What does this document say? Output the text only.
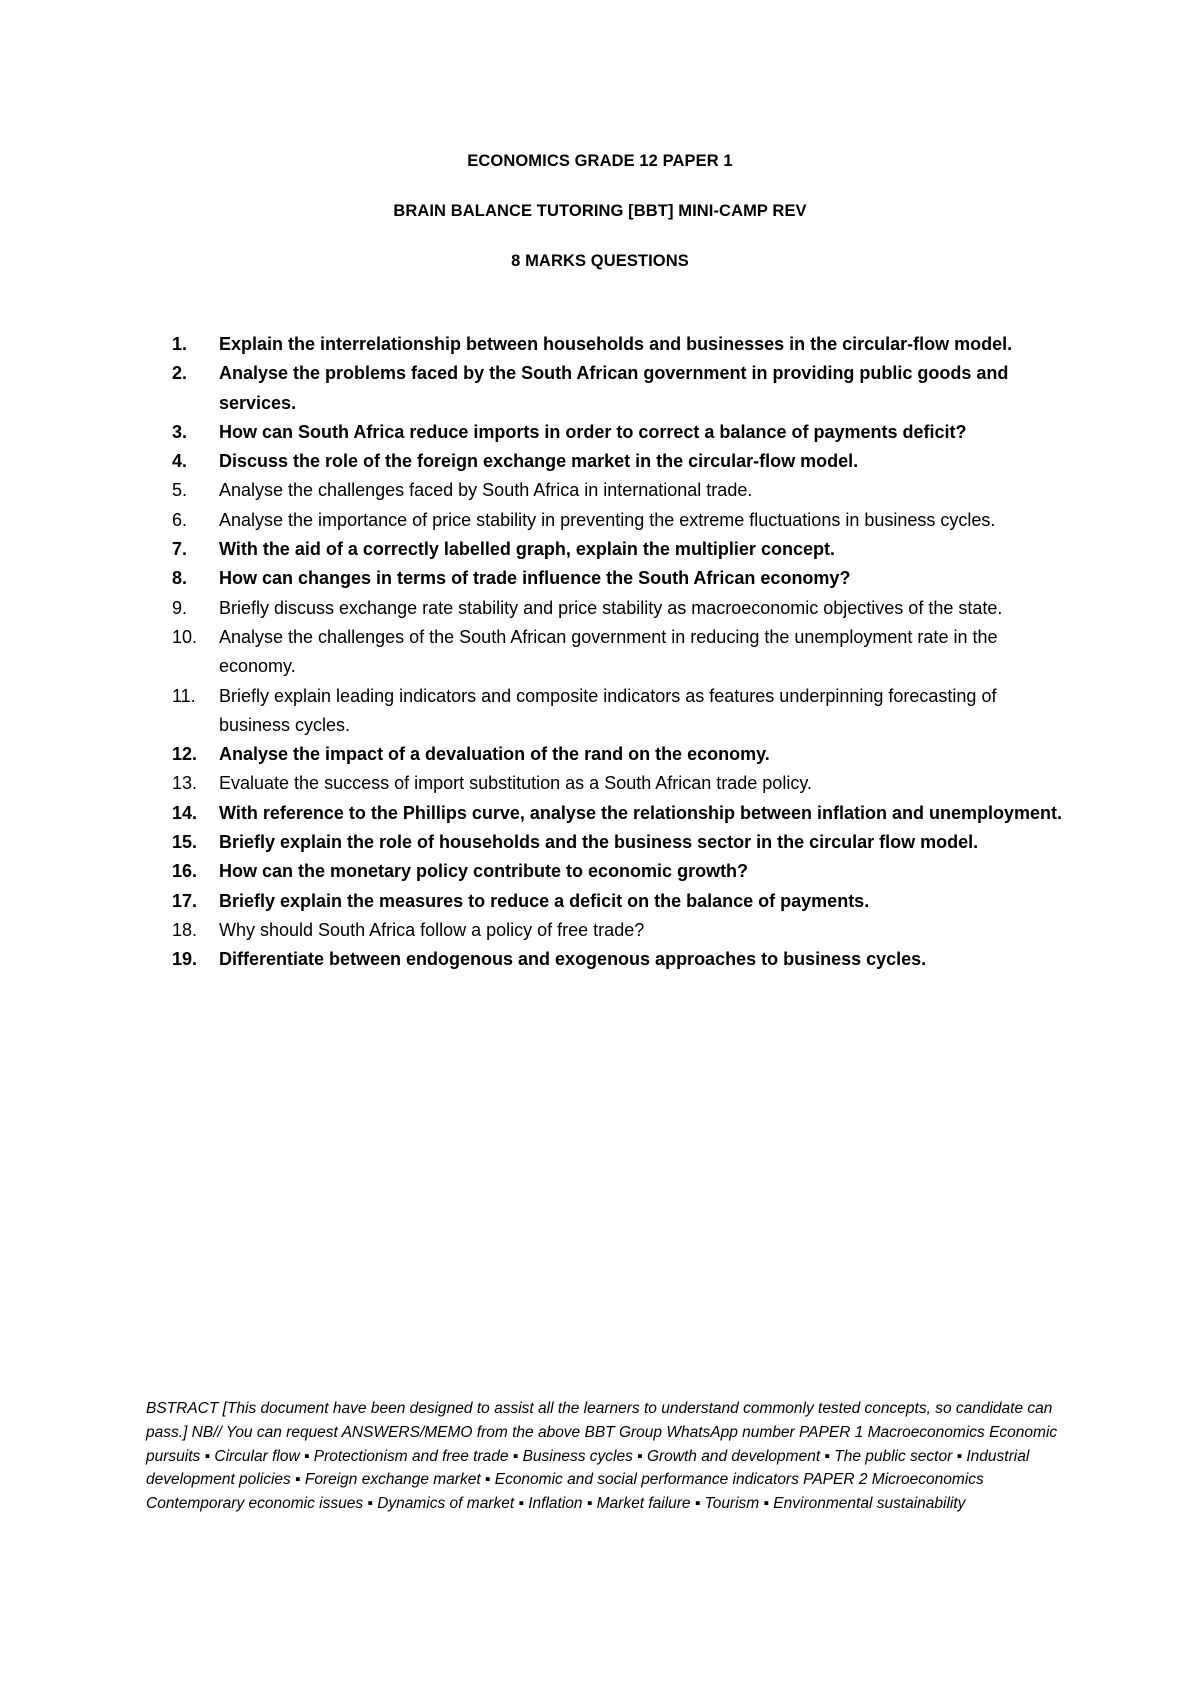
ECONOMICS GRADE 12 PAPER 1
BRAIN BALANCE TUTORING [BBT] MINI-CAMP REV
8 MARKS QUESTIONS
1. Explain the interrelationship between households and businesses in the circular-flow model.
2. Analyse the problems faced by the South African government in providing public goods and services.
3. How can South Africa reduce imports in order to correct a balance of payments deficit?
4. Discuss the role of the foreign exchange market in the circular-flow model.
5. Analyse the challenges faced by South Africa in international trade.
6. Analyse the importance of price stability in preventing the extreme fluctuations in business cycles.
7. With the aid of a correctly labelled graph, explain the multiplier concept.
8. How can changes in terms of trade influence the South African economy?
9. Briefly discuss exchange rate stability and price stability as macroeconomic objectives of the state.
10. Analyse the challenges of the South African government in reducing the unemployment rate in the economy.
11. Briefly explain leading indicators and composite indicators as features underpinning forecasting of business cycles.
12. Analyse the impact of a devaluation of the rand on the economy.
13. Evaluate the success of import substitution as a South African trade policy.
14. With reference to the Phillips curve, analyse the relationship between inflation and unemployment.
15. Briefly explain the role of households and the business sector in the circular flow model.
16. How can the monetary policy contribute to economic growth?
17. Briefly explain the measures to reduce a deficit on the balance of payments.
18. Why should South Africa follow a policy of free trade?
19. Differentiate between endogenous and exogenous approaches to business cycles.
BSTRACT [This document have been designed to assist all the learners to understand commonly tested concepts, so candidate can pass.] NB// You can request ANSWERS/MEMO from the above BBT Group WhatsApp number PAPER 1 Macroeconomics Economic pursuits ▪ Circular flow ▪ Protectionism and free trade ▪ Business cycles ▪ Growth and development ▪ The public sector ▪ Industrial development policies ▪ Foreign exchange market ▪ Economic and social performance indicators PAPER 2 Microeconomics Contemporary economic issues ▪ Dynamics of market ▪ Inflation ▪ Market failure ▪ Tourism ▪ Environmental sustainability
